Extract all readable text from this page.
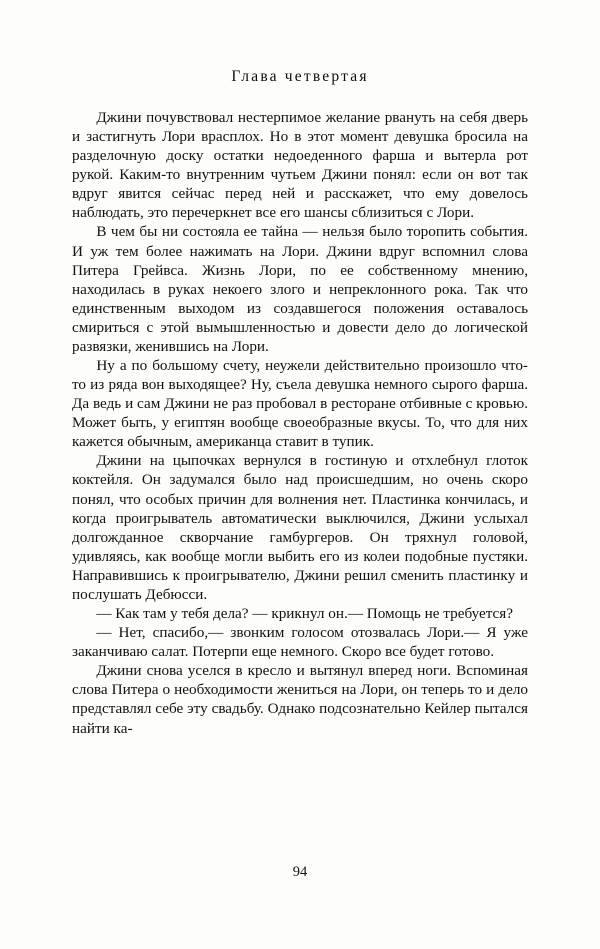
Глава четвертая

Джини почувствовал нестерпимое желание рвануть на себя дверь и застигнуть Лори врасплох. Но в этот момент девушка бросила на разделочную доску остатки недоеденного фарша и вытерла рот рукой. Каким-то внутренним чутьем Джини понял: если он вот так вдруг явится сейчас перед ней и расскажет, что ему довелось наблюдать, это перечеркнет все его шансы сблизиться с Лори.

В чем бы ни состояла ее тайна — нельзя было торопить события. И уж тем более нажимать на Лори. Джини вдруг вспомнил слова Питера Грейвса. Жизнь Лори, по ее собственному мнению, находилась в руках некоего злого и непреклонного рока. Так что единственным выходом из создавшегося положения оставалось смириться с этой вымышленностью и довести дело до логической развязки, женившись на Лори.

Ну а по большому счету, неужели действительно произошло что-то из ряда вон выходящее? Ну, съела девушка немного сырого фарша. Да ведь и сам Джини не раз пробовал в ресторане отбивные с кровью. Может быть, у египтян вообще своеобразные вкусы. То, что для них кажется обычным, американца ставит в тупик.

Джини на цыпочках вернулся в гостиную и отхлебнул глоток коктейля. Он задумался было над происшедшим, но очень скоро понял, что особых причин для волнения нет. Пластинка кончилась, и когда проигрыватель автоматически выключился, Джини услыхал долгожданное скворчание гамбургеров. Он тряхнул головой, удивляясь, как вообще могли выбить его из колеи подобные пустяки. Направившись к проигрывателю, Джини решил сменить пластинку и послушать Дебюсси.

— Как там у тебя дела? — крикнул он.— Помощь не требуется?

— Нет, спасибо,— звонким голосом отозвалась Лори.— Я уже заканчиваю салат. Потерпи еще немного. Скоро все будет готово.

Джини снова уселся в кресло и вытянул вперед ноги. Вспоминая слова Питера о необходимости жениться на Лори, он теперь то и дело представлял себе эту свадьбу. Однако подсознательно Кейлер пытался найти ка-

94
